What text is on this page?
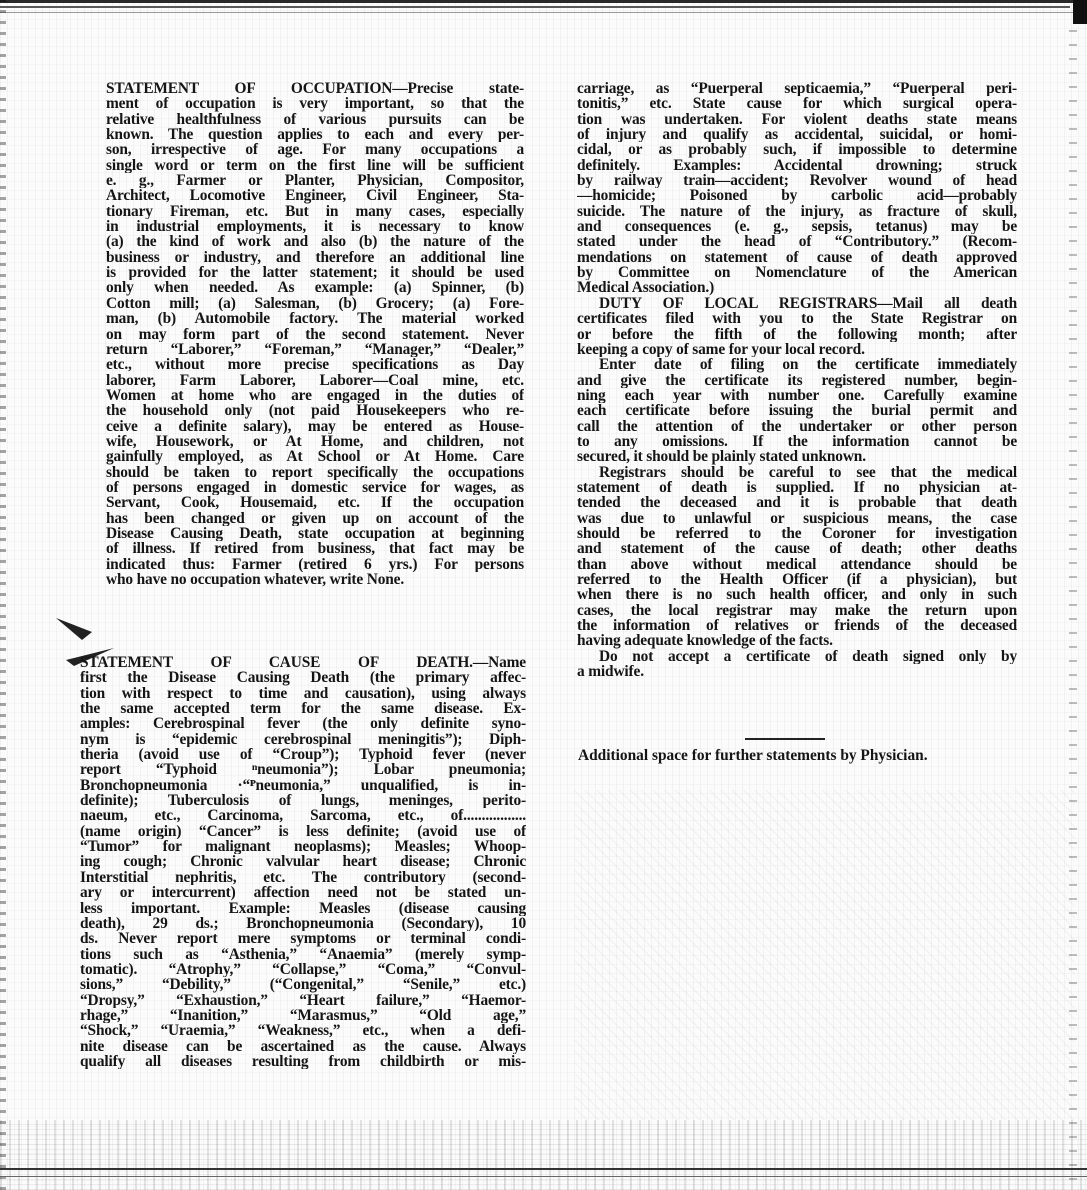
STATEMENT OF OCCUPATION—Precise state-
ment of occupation is very important, so that the
relative healthfulness of various pursuits can be
known. The question applies to each and every per-
son, irrespective of age. For many occupations a
single word or term on the first line will be sufficient
e. g., Farmer or Planter, Physician, Compositor,
Architect, Locomotive Engineer, Civil Engineer, Sta-
tionary Fireman, etc. But in many cases, especially
in industrial employments, it is necessary to know
(a) the kind of work and also (b) the nature of the
business or industry, and therefore an additional line
is provided for the latter statement; it should be used
only when needed. As example: (a) Spinner, (b)
Cotton mill; (a) Salesman, (b) Grocery; (a) Fore-
man, (b) Automobile factory. The material worked
on may form part of the second statement. Never
return “Laborer,” “Foreman,” “Manager,” “Dealer,”
etc., without more precise specifications as Day
laborer, Farm Laborer, Laborer—Coal mine, etc.
Women at home who are engaged in the duties of
the household only (not paid Housekeepers who re-
ceive a definite salary), may be entered as House-
wife, Housework, or At Home, and children, not
gainfully employed, as At School or At Home. Care
should be taken to report specifically the occupations
of persons engaged in domestic service for wages, as
Servant, Cook, Housemaid, etc. If the occupation
has been changed or given up on account of the
Disease Causing Death, state occupation at beginning
of illness. If retired from business, that fact may be
indicated thus: Farmer (retired 6 yrs.) For persons
who have no occupation whatever, write None.
STATEMENT OF CAUSE OF DEATH.—Name
first the Disease Causing Death (the primary affec-
tion with respect to time and causation), using always
the same accepted term for the same disease. Ex-
amples: Cerebrospinal fever (the only definite syno-
nym is “epidemic cerebrospinal meningitis”); Diph-
theria (avoid use of “Croup”); Typhoid fever (never
report “Typhoid ⁿneumonia”); Lobar pneumonia;
Bronchopneumonia ·“ᴾneumonia,” unqualified, is in-
definite); Tuberculosis of lungs, meninges, perito-
naeum, etc., Carcinoma, Sarcoma, etc., of.................
(name origin) “Cancer” is less definite; (avoid use of
“Tumor” for malignant neoplasms); Measles; Whoop-
ing cough; Chronic valvular heart disease; Chronic
Interstitial nephritis, etc. The contributory (second-
ary or intercurrent) affection need not be stated un-
less important. Example: Measles (disease causing
death), 29 ds.; Bronchopneumonia (Secondary), 10
ds. Never report mere symptoms or terminal condi-
tions such as “Asthenia,” “Anaemia” (merely symp-
tomatic). “Atrophy,” “Collapse,” “Coma,” “Convul-
sions,” “Debility,” (“Congenital,” “Senile,” etc.)
“Dropsy,” “Exhaustion,” “Heart failure,” “Haemor-
rhage,” “Inanition,” “Marasmus,” “Old age,”
“Shock,” “Uraemia,” “Weakness,” etc., when a defi-
nite disease can be ascertained as the cause. Always
qualify all diseases resulting from childbirth or mis-
carriage, as “Puerperal septicaemia,” “Puerperal peri-
tonitis,” etc. State cause for which surgical opera-
tion was undertaken. For violent deaths state means
of injury and qualify as accidental, suicidal, or homi-
cidal, or as probably such, if impossible to determine
definitely. Examples: Accidental drowning; struck
by railway train—accident; Revolver wound of head
—homicide; Poisoned by carbolic acid—probably
suicide. The nature of the injury, as fracture of skull,
and consequences (e. g., sepsis, tetanus) may be
stated under the head of “Contributory.” (Recom-
mendations on statement of cause of death approved
by Committee on Nomenclature of the American
Medical Association.)
DUTY OF LOCAL REGISTRARS—Mail all death
certificates filed with you to the State Registrar on
or before the fifth of the following month; after
keeping a copy of same for your local record.
Enter date of filing on the certificate immediately
and give the certificate its registered number, begin-
ning each year with number one. Carefully examine
each certificate before issuing the burial permit and
call the attention of the undertaker or other person
to any omissions. If the information cannot be
secured, it should be plainly stated unknown.
Registrars should be careful to see that the medical
statement of death is supplied. If no physician at-
tended the deceased and it is probable that death
was due to unlawful or suspicious means, the case
should be referred to the Coroner for investigation
and statement of the cause of death; other deaths
than above without medical attendance should be
referred to the Health Officer (if a physician), but
when there is no such health officer, and only in such
cases, the local registrar may make the return upon
the information of relatives or friends of the deceased
having adequate knowledge of the facts.
Do not accept a certificate of death signed only by
a midwife.
Additional space for further statements by Physician.
